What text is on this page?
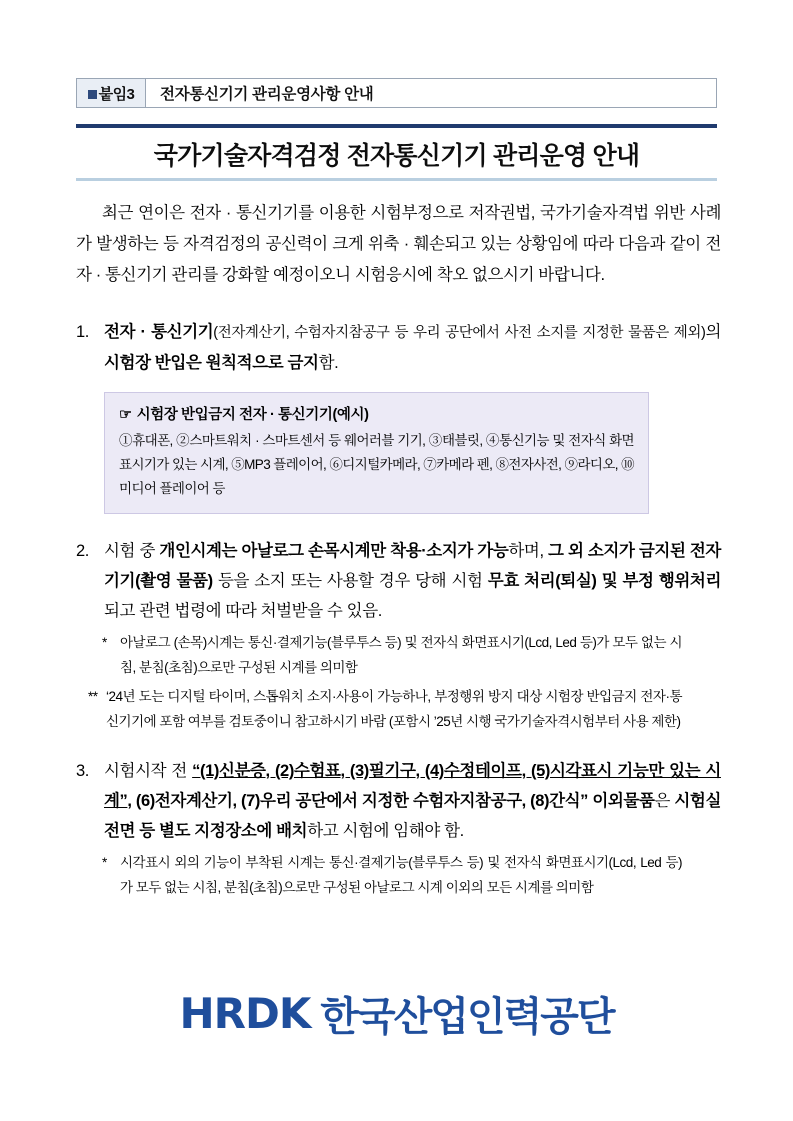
붙임3	전자통신기기 관리운영사항 안내
국가기술자격검정 전자통신기기 관리운영 안내

최근 연이은 전자 · 통신기기를 이용한 시험부정으로 저작권법, 국가기술자격법 위반 사례가 발생하는 등 자격검정의 공신력이 크게 위축 · 훼손되고 있는 상황임에 따라 다음과 같이 전자 · 통신기기 관리를 강화할 예정이오니 시험응시에 착오 없으시기 바랍니다.

1. 전자 · 통신기기(전자계산기, 수험자지참공구 등 우리 공단에서 사전 소지를 지정한 물품은 제외)의 시험장 반입은 원칙적으로 금지함.
☞ 시험장 반입금지 전자 · 통신기기(예시)
①휴대폰, ②스마트워치 · 스마트센서 등 웨어러블 기기, ③태블릿, ④통신기능 및 전자식 화면표시기가 있는 시계, ⑤MP3 플레이어, ⑥디지털카메라, ⑦카메라 펜, ⑧전자사전, ⑨라디오, ⑩미디어 플레이어 등
2. 시험 중 개인시계는 아날로그 손목시계만 착용·소지가 가능하며, 그 외 소지가 금지된 전자기기(촬영 물품) 등을 소지 또는 사용할 경우 당해 시험 무효 처리(퇴실) 및 부정 행위처리 되고 관련 법령에 따라 처벌받을 수 있음.
* 아날로그 (손목)시계는 통신·결제기능(블루투스 등) 및 전자식 화면표시기(Lcd, Led 등)가 모두 없는 시침, 분침(초침)으로만 구성된 시계를 의미함
** ‘24년 도는 디지털 타이머, 스톱워치 소지·사용이 가능하나, 부정행위 방지 대상 시험장 반입금지 전자·통신기기에 포함 여부를 검토중이니 참고하시기 바람 (포함시 ’25년 시행 국가기술자격시험부터 사용 제한)
3. 시험시작 전 “(1)신분증, (2)수험표, (3)필기구, (4)수정테이프, (5)시각표시 기능만 있는 시계”, (6)전자계산기, (7)우리 공단에서 지정한 수험자지참공구, (8)간식” 이외물품은 시험실 전면 등 별도 지정장소에 배치하고 시험에 임해야 함.
* 시각표시 외의 기능이 부착된 시계는 통신·결제기능(블루투스 등) 및 전자식 화면표시기(Lcd, Led 등)가 모두 없는 시침, 분침(초침)으로만 구성된 아날로그 시계 이외의 모든 시계를 의미함
HRDK 한국산업인력공단
